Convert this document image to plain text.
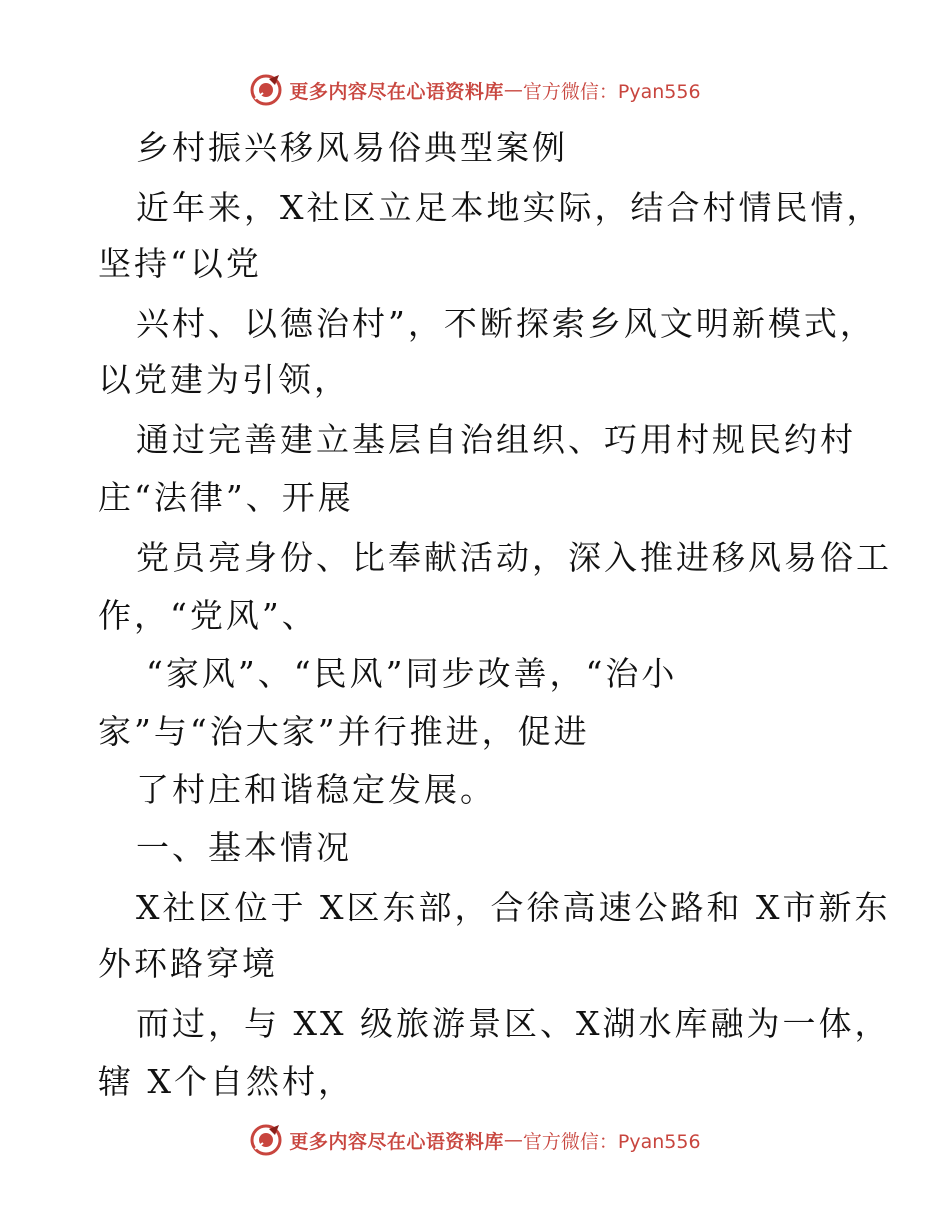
更多内容尽在心语资料库 — 官方微信：Pyan556
乡村振兴移风易俗典型案例
近年来，X社区立足本地实际，结合村情民情，
坚持“以党
兴村、以德治村”，不断探索乡风文明新模式，
以党建为引领，
通过完善建立基层自治组织、巧用村规民约村
庄“法律”、开展
党员亮身份、比奉献活动，深入推进移风易俗工
作，“党风”、
“家风”、“民风”同步改善，“治小
家”与“治大家”并行推进，促进
了村庄和谐稳定发展。
一、基本情况
X社区位于 X区东部，合徐高速公路和 X市新东
外环路穿境
而过，与 XX 级旅游景区、X湖水库融为一体，
辖 X个自然村，
更多内容尽在心语资料库 — 官方微信：Pyan556
